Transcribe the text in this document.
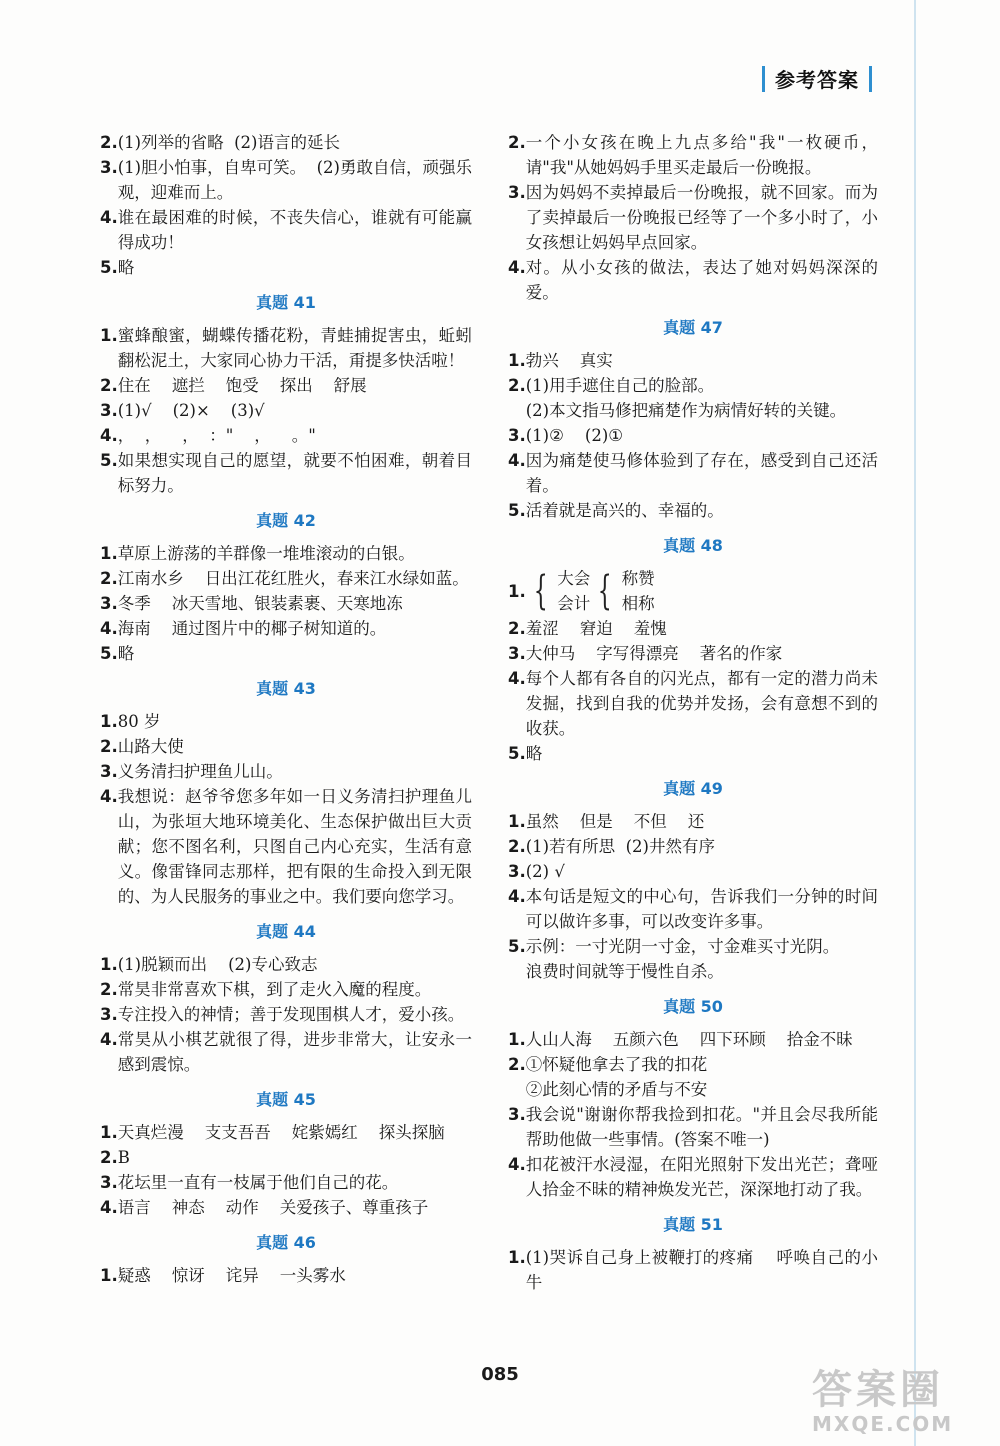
参考答案
2. (1)列举的省略  (2)语言的延长
3. (1)胆小怕事，自卑可笑。  (2)勇敢自信，顽强乐观，迎难而上。
4. 谁在最困难的时候，不丧失信心，谁就有可能赢得成功！
5. 略
真题 41
1. 蜜蜂酿蜜，蝴蝶传播花粉，青蛙捕捉害虫，蚯蚓翻松泥土，大家同心协力干活，甭提多快活啦！
2. 住在    遮拦    饱受    探出    舒展
3. (1)√    (2)×    (3)√
4. ，  ，    ，  ："    ，    。"
5. 如果想实现自己的愿望，就要不怕困难，朝着目标努力。
真题 42
1. 草原上游荡的羊群像一堆堆滚动的白银。
2. 江南水乡    日出江花红胜火，春来江水绿如蓝。
3. 冬季    冰天雪地、银装素裹、天寒地冻
4. 海南    通过图片中的椰子树知道的。
5. 略
真题 43
1. 80 岁
2. 山路大使
3. 义务清扫护理鱼儿山。
4. 我想说：赵爷爷您多年如一日义务清扫护理鱼儿山，为张垣大地环境美化、生态保护做出巨大贡献；您不图名利，只图自己内心充实，生活有意义。像雷锋同志那样，把有限的生命投入到无限的、为人民服务的事业之中。我们要向您学习。
真题 44
1. (1)脱颖而出    (2)专心致志
2. 常昊非常喜欢下棋，到了走火入魔的程度。
3. 专注投入的神情；善于发现围棋人才，爱小孩。
4. 常昊从小棋艺就很了得，进步非常大，让安永一感到震惊。
真题 45
1. 天真烂漫    支支吾吾    姹紫嫣红    探头探脑
2. B
3. 花坛里一直有一枝属于他们自己的花。
4. 语言    神态    动作    关爱孩子、尊重孩子
真题 46
1. 疑惑    惊讶    诧异    一头雾水
2. 一个小女孩在晚上九点多给"我"一枚硬币，请"我"从她妈妈手里买走最后一份晚报。
3. 因为妈妈不卖掉最后一份晚报，就不回家。而为了卖掉最后一份晚报已经等了一个多小时了，小女孩想让妈妈早点回家。
4. 对。从小女孩的做法，表达了她对妈妈深深的爱。
真题 47
1. 勃兴    真实
2. (1)用手遮住自己的脸部。
(2)本文指马修把痛楚作为病情好转的关键。
3. (1)②    (2)①
4. 因为痛楚使马修体验到了存在，感受到自己还活着。
5. 活着就是高兴的、幸福的。
真题 48
1. { 大会
会计 { 称赞
相称
2. 羞涩    窘迫    羞愧
3. 大仲马    字写得漂亮    著名的作家
4. 每个人都有各自的闪光点，都有一定的潜力尚未发掘，找到自我的优势并发扬，会有意想不到的收获。
5. 略
真题 49
1. 虽然    但是    不但    还
2. (1)若有所思  (2)井然有序
3. (2) √
4. 本句话是短文的中心句，告诉我们一分钟的时间可以做许多事，可以改变许多事。
5. 示例：一寸光阴一寸金，寸金难买寸光阴。
浪费时间就等于慢性自杀。
真题 50
1. 人山人海    五颜六色    四下环顾    拾金不昧
2. ①怀疑他拿去了我的扣花
②此刻心情的矛盾与不安
3. 我会说"谢谢你帮我捡到扣花。"并且会尽我所能帮助他做一些事情。(答案不唯一)
4. 扣花被汗水浸湿，在阳光照射下发出光芒；聋哑人拾金不昧的精神焕发光芒，深深地打动了我。
真题 51
1. (1)哭诉自己身上被鞭打的疼痛    呼唤自己的小牛
085	答案圈
MXQE.COM
